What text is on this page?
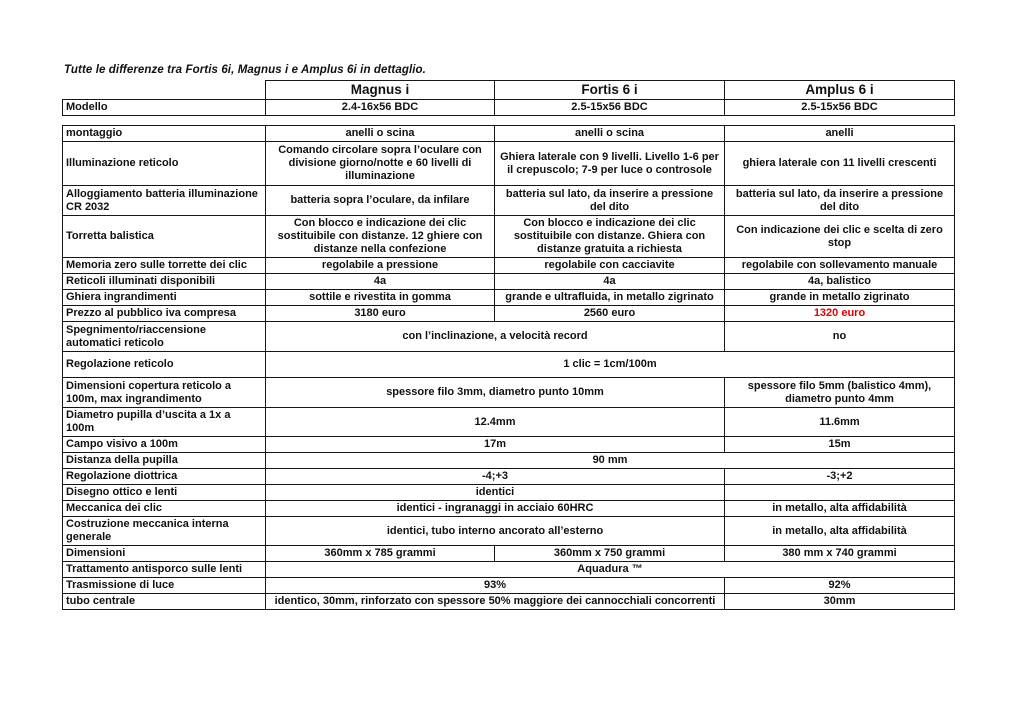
Tutte le differenze tra Fortis 6i, Magnus i e Amplus 6i in dettaglio.
	Magnus i	Fortis 6 i	Amplus 6 i
Modello	2.4-16x56 BDC	2.5-15x56 BDC	2.5-15x56 BDC
montaggio	anelli o scina	anelli o scina	anelli
Illuminazione reticolo	Comando circolare sopra l’oculare con divisione giorno/notte e 60 livelli di illuminazione	Ghiera laterale con 9 livelli. Livello 1-6 per il crepuscolo; 7-9 per luce o controsole	ghiera laterale con 11 livelli crescenti
Alloggiamento batteria illuminazione CR 2032	batteria sopra l’oculare, da infilare	batteria sul lato, da inserire a pressione del dito	batteria sul lato, da inserire a pressione del dito
Torretta balistica	Con blocco e indicazione dei clic sostituibile con distanze. 12 ghiere con distanze nella confezione	Con blocco e indicazione dei clic sostituibile con distanze. Ghiera con distanze gratuita a richiesta	Con indicazione dei clic e scelta di zero stop
Memoria zero sulle torrette dei clic	regolabile a pressione	regolabile con cacciavite	regolabile con sollevamento manuale
Reticoli illuminati disponibili	4a	4a	4a, balistico
Ghiera ingrandimenti	sottile e rivestita in gomma	grande e ultrafluida, in metallo zigrinato	grande in metallo zigrinato
Prezzo al pubblico iva compresa	3180 euro	2560 euro	1320 euro
Spegnimento/riaccensione automatici reticolo	con l’inclinazione, a velocità record		no
Regolazione reticolo	1 clic = 1cm/100m		
Dimensioni copertura reticolo a 100m, max ingrandimento	spessore filo 3mm, diametro punto 10mm		spessore filo 5mm (balistico 4mm), diametro punto 4mm
Diametro pupilla d’uscita a 1x a 100m	12.4mm		11.6mm
Campo visivo a 100m	17m		15m
Distanza della pupilla	90 mm		
Regolazione diottrica	-4;+3		-3;+2
Disegno ottico e lenti	identici		
Meccanica dei clic	identici - ingranaggi in acciaio 60HRC		in metallo, alta affidabilità
Costruzione meccanica interna generale	identici, tubo interno ancorato all’esterno		in metallo, alta affidabilità
Dimensioni	360mm x 785 grammi	360mm x 750 grammi	380 mm x 740 grammi
Trattamento antisporco sulle lenti	Aquadura ™		
Trasmissione di luce	93%		92%
tubo centrale	identico, 30mm, rinforzato con spessore 50% maggiore dei cannocchiali concorrenti		30mm
